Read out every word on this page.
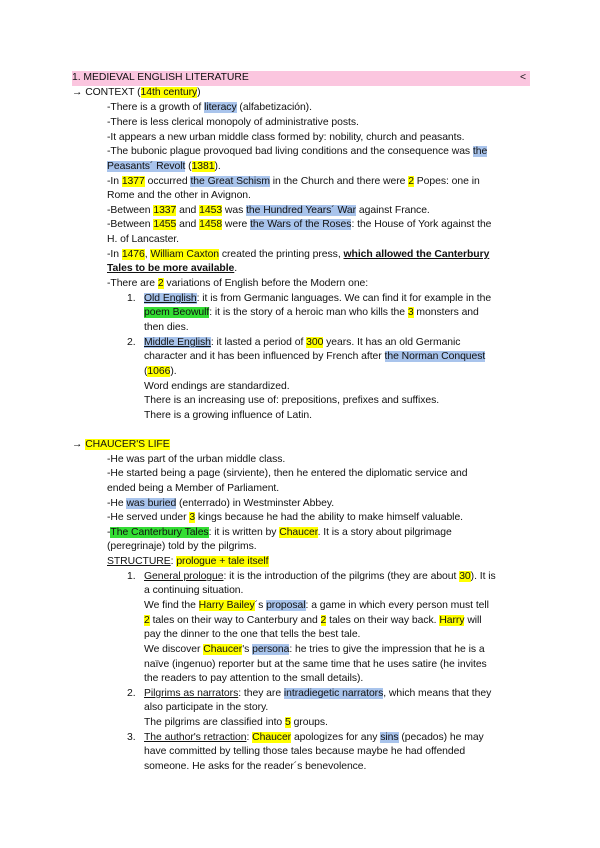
1. MEDIEVAL ENGLISH LITERATURE	<
→ CONTEXT (14th century)
-There is a growth of literacy (alfabetización).
-There is less clerical monopoly of administrative posts.
-It appears a new urban middle class formed by: nobility, church and peasants.
-The bubonic plague provoqued bad living conditions and the consequence was the
Peasants´ Revolt (1381).
-In 1377 occurred the Great Schism in the Church and there were 2 Popes: one in
Rome and the other in Avignon.
-Between 1337 and 1453 was the Hundred Years´ War against France.
-Between 1455 and 1458 were the Wars of the Roses: the House of York against the
H. of Lancaster.
-In 1476, William Caxton created the printing press, which allowed the Canterbury
Tales to be more available.
-There are 2 variations of English before the Modern one:
1. Old English: it is from Germanic languages. We can find it for example in the
poem Beowulf: it is the story of a heroic man who kills the 3 monsters and
then dies.
2. Middle English: it lasted a period of 300 years. It has an old Germanic
character and it has been influenced by French after the Norman Conquest
(1066).
Word endings are standardized.
There is an increasing use of: prepositions, prefixes and suffixes.
There is a growing influence of Latin.
→ CHAUCER'S LIFE
-He was part of the urban middle class.
-He started being a page (sirviente), then he entered the diplomatic service and
ended being a Member of Parliament.
-He was buried (enterrado) in Westminster Abbey.
-He served under 3 kings because he had the ability to make himself valuable.
-The Canterbury Tales: it is written by Chaucer. It is a story about pilgrimage
(peregrinaje) told by the pilgrims.
STRUCTURE: prologue + tale itself
1. General prologue: it is the introduction of the pilgrims (they are about 30). It is
a continuing situation.
We find the Harry Bailey´s proposal: a game in which every person must tell
2 tales on their way to Canterbury and 2 tales on their way back. Harry will
pay the dinner to the one that tells the best tale.
We discover Chaucer's persona: he tries to give the impression that he is a
naïve (ingenuo) reporter but at the same time that he uses satire (he invites
the readers to pay attention to the small details).
2. Pilgrims as narrators: they are intradiegetic narrators, which means that they
also participate in the story.
The pilgrims are classified into 5 groups.
3. The author's retraction: Chaucer apologizes for any sins (pecados) he may
have committed by telling those tales because maybe he had offended
someone. He asks for the reader´s benevolence.
